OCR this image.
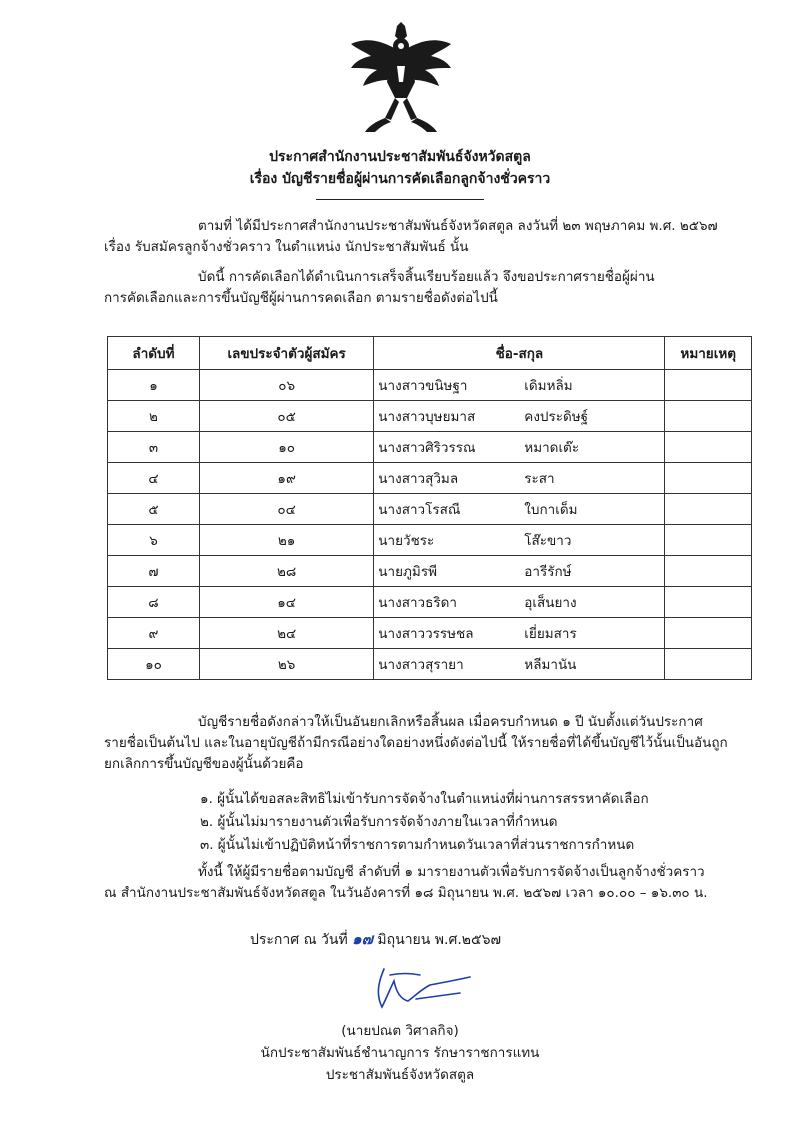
ประกาศสำนักงานประชาสัมพันธ์จังหวัดสตูล
เรื่อง บัญชีรายชื่อผู้ผ่านการคัดเลือกลูกจ้างชั่วคราว
ตามที่ ได้มีประกาศสำนักงานประชาสัมพันธ์จังหวัดสตูล ลงวันที่ ๒๓ พฤษภาคม พ.ศ. ๒๕๖๗
เรื่อง รับสมัครลูกจ้างชั่วคราว ในตำแหน่ง นักประชาสัมพันธ์ นั้น
บัดนี้ การคัดเลือกได้ดำเนินการเสร็จสิ้นเรียบร้อยแล้ว จึงขอประกาศรายชื่อผู้ผ่าน
การคัดเลือกและการขึ้นบัญชีผู้ผ่านการคดเลือก ตามรายชื่อดังต่อไปนี้
ลำดับที่	เลขประจำตัวผู้สมัคร	ชื่อ-สกุล	หมายเหตุ
๑	๐๖	นางสาวขนิษฐา เดิมหลิ่ม	
๒	๐๕	นางสาวบุษยมาส คงประดิษฐ์	
๓	๑๐	นางสาวศิริวรรณ หมาดเต๊ะ	
๔	๑๙	นางสาวสุวิมล ระสา	
๕	๐๔	นางสาวโรสณี ใบกาเด็ม	
๖	๒๑	นายวัชระ โส๊ะขาว	
๗	๒๘	นายภูมิรพี อารีรักษ์	
๘	๑๔	นางสาวธริดา อุเส็นยาง	
๙	๒๔	นางสาววรรษชล เยี่ยมสาร	
๑๐	๒๖	นางสาวสุรายา หลีมานัน	
บัญชีรายชื่อดังกล่าวให้เป็นอันยกเลิกหรือสิ้นผล เมื่อครบกำหนด ๑ ปี นับตั้งแต่วันประกาศ
รายชื่อเป็นต้นไป และในอายุบัญชีถ้ามีกรณีอย่างใดอย่างหนึ่งดังต่อไปนี้ ให้รายชื่อที่ได้ขึ้นบัญชีไว้นั้นเป็นอันถูก
ยกเลิกการขึ้นบัญชีของผู้นั้นด้วยคือ
๑. ผู้นั้นได้ขอสละสิทธิไม่เข้ารับการจัดจ้างในตำแหน่งที่ผ่านการสรรหาคัดเลือก
๒. ผู้นั้นไม่มารายงานตัวเพื่อรับการจัดจ้างภายในเวลาที่กำหนด
๓. ผู้นั้นไม่เข้าปฏิบัติหน้าที่ราชการตามกำหนดวันเวลาที่ส่วนราชการกำหนด
ทั้งนี้ ให้ผู้มีรายชื่อตามบัญชี ลำดับที่ ๑ มารายงานตัวเพื่อรับการจัดจ้างเป็นลูกจ้างชั่วคราว
ณ สำนักงานประชาสัมพันธ์จังหวัดสตูล ในวันอังคารที่ ๑๘ มิถุนายน พ.ศ. ๒๕๖๗ เวลา ๑๐.๐๐ – ๑๖.๓๐ น.
ประกาศ ณ วันที่ ๑๗ มิถุนายน พ.ศ.๒๕๖๗
(นายปณต วิศาลกิจ)
นักประชาสัมพันธ์ชำนาญการ รักษาราชการแทน
ประชาสัมพันธ์จังหวัดสตูล
